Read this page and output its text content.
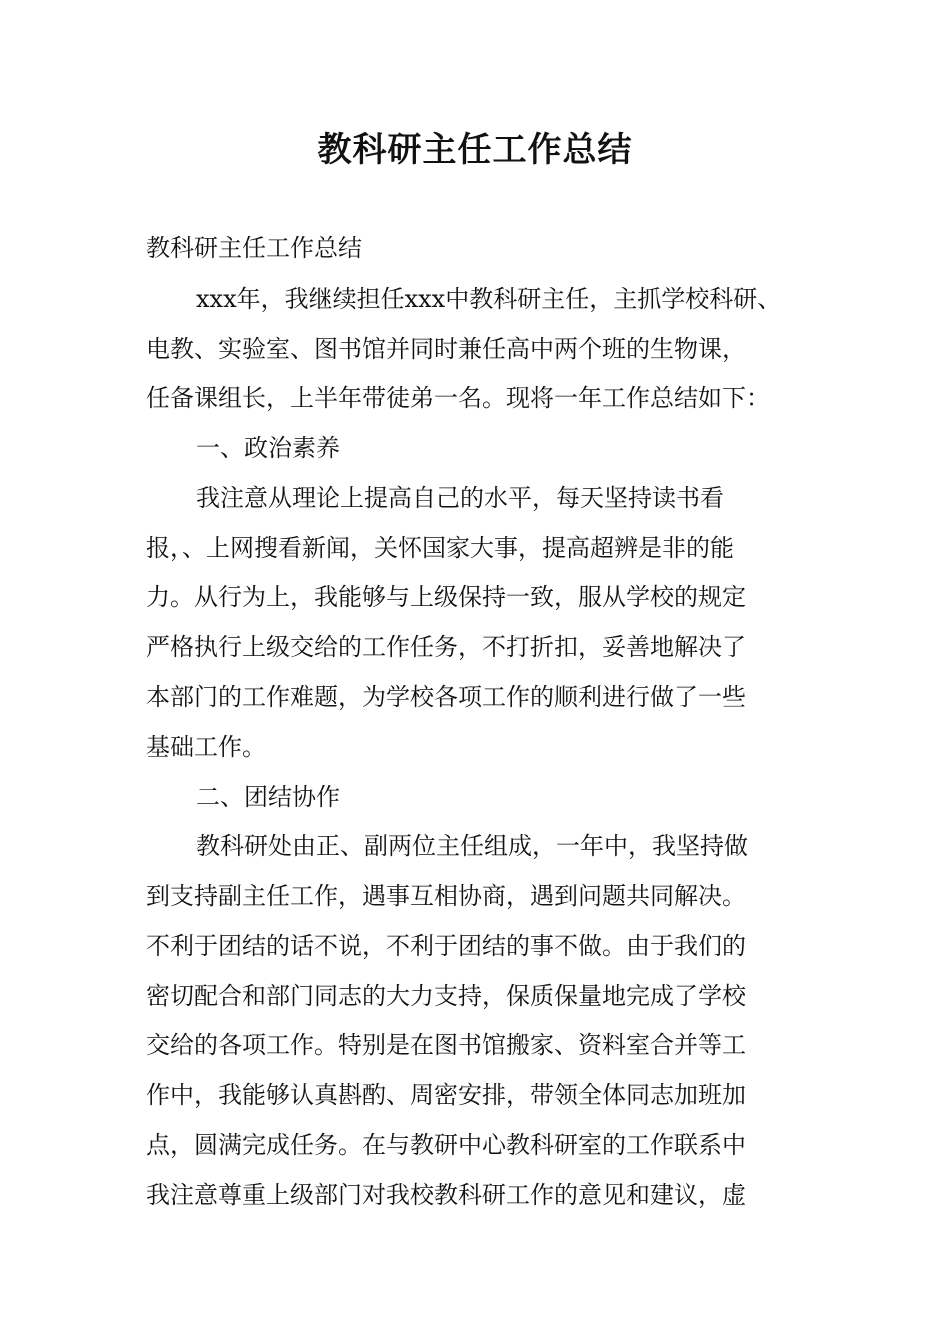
教科研主任工作总结

教科研主任工作总结

xxx年，我继续担任xxx中教科研主任，主抓学校科研、

电教、实验室、图书馆并同时兼任高中两个班的生物课，

任备课组长，上半年带徒弟一名。现将一年工作总结如下：

一、政治素养

我注意从理论上提高自己的水平，每天坚持读书看

报，、上网搜看新闻，关怀国家大事，提高超辨是非的能

力。从行为上，我能够与上级保持一致，服从学校的规定

严格执行上级交给的工作任务，不打折扣，妥善地解决了

本部门的工作难题，为学校各项工作的顺利进行做了一些

基础工作。

二、团结协作

教科研处由正、副两位主任组成，一年中，我坚持做

到支持副主任工作，遇事互相协商，遇到问题共同解决。

不利于团结的话不说，不利于团结的事不做。由于我们的

密切配合和部门同志的大力支持，保质保量地完成了学校

交给的各项工作。特别是在图书馆搬家、资料室合并等工

作中，我能够认真斟酌、周密安排，带领全体同志加班加

点，圆满完成任务。在与教研中心教科研室的工作联系中

我注意尊重上级部门对我校教科研工作的意见和建议，虚
